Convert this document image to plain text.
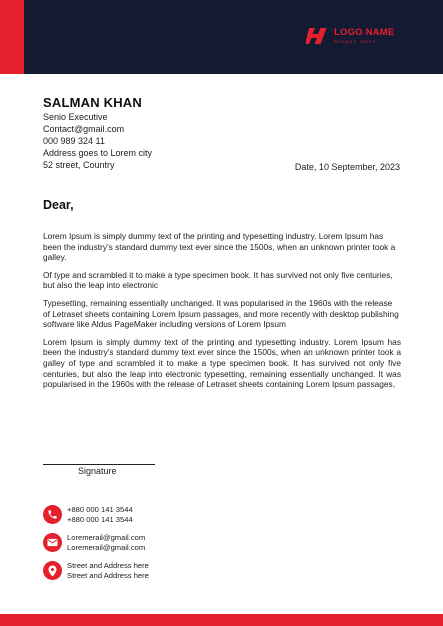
LOGO NAME
Slogan Here
SALMAN KHAN
Senio Executive
Contact@gmail.com
000 989 324 11
Address goes to Lorem city
52 street, Country	Date, 10 September, 2023
Dear,

Lorem Ipsum is simply dummy text of the printing and typesetting industry. Lorem Ipsum has been the industry's standard dummy text ever since the 1500s, when an unknown printer took a galley.

Of type and scrambled it to make a type specimen book. It has survived not only five centuries, but also the leap into electronic

Typesetting, remaining essentially unchanged. It was popularised in the 1960s with the release of Letraset sheets containing Lorem Ipsum passages, and more recently with desktop publishing software like Aldus PageMaker including versions of Lorem Ipsum

Lorem Ipsum is simply dummy text of the printing and typesetting industry. Lorem Ipsum has been the industry's standard dummy text ever since the 1500s, when an unknown printer took a galley of type and scrambled it to make a type specimen book. It has survived not only five centuries, but also the leap into electronic typesetting, remaining essentially unchanged. It was popularised in the 1960s with the release of Letraset sheets containing Lorem Ipsum passages,

Signature
+880 000 141 3544
+880 000 141 3544
Loremerail@gmail.com
Loremerail@gmail.com
Street and Address here
Street and Address here
